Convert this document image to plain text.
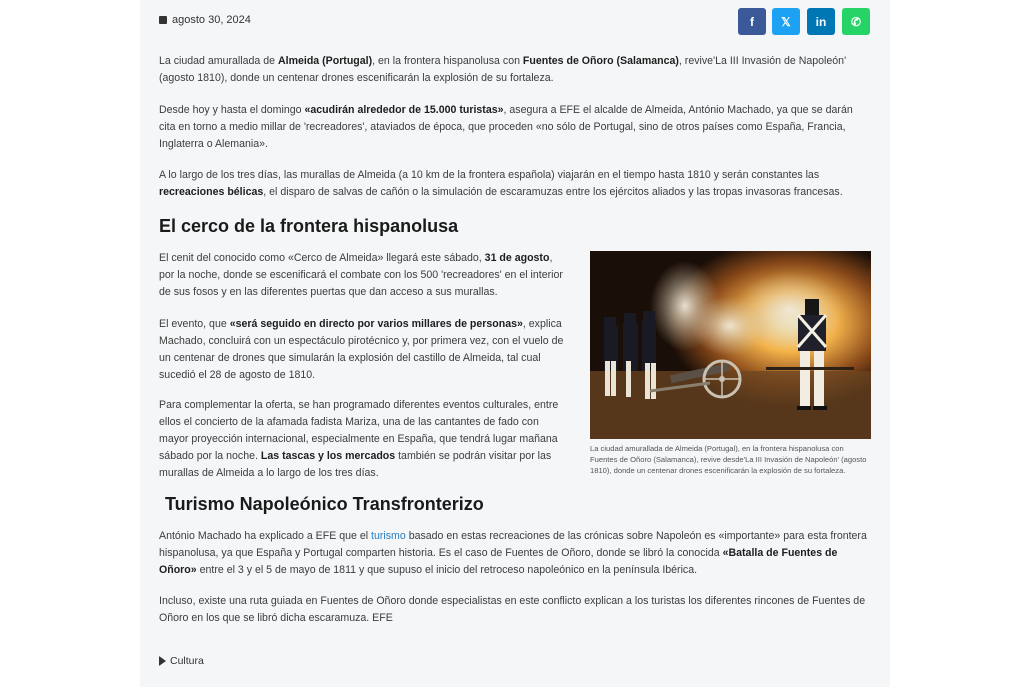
agosto 30, 2024	f 𝕏 in ✆

La ciudad amurallada de Almeida (Portugal), en la frontera hispanolusa con Fuentes de Oñoro (Salamanca), revive'La III Invasión de Napoleón' (agosto 1810), donde un centenar drones escenificarán la explosión de su fortaleza.

Desde hoy y hasta el domingo «acudirán alrededor de 15.000 turistas», asegura a EFE el alcalde de Almeida, António Machado, ya que se darán cita en torno a medio millar de 'recreadores', ataviados de época, que proceden «no sólo de Portugal, sino de otros países como España, Francia, Inglaterra o Alemania».

A lo largo de los tres días, las murallas de Almeida (a 10 km de la frontera española) viajarán en el tiempo hasta 1810 y serán constantes las recreaciones bélicas, el disparo de salvas de cañón o la simulación de escaramuzas entre los ejércitos aliados y las tropas invasoras francesas.

El cerco de la frontera hispanolusa

El cenit del conocido como «Cerco de Almeida» llegará este sábado, 31 de agosto, por la noche, donde se escenificará el combate con los 500 'recreadores' en el interior de sus fosos y en las diferentes puertas que dan acceso a sus murallas.

El evento, que «será seguido en directo por varios millares de personas», explica Machado, concluirá con un espectáculo pirotécnico y, por primera vez, con el vuelo de un centenar de drones que simularán la explosión del castillo de Almeida, tal cual sucedió el 28 de agosto de 1810.

Para complementar la oferta, se han programado diferentes eventos culturales, entre ellos el concierto de la afamada fadista Mariza, una de las cantantes de fado con mayor proyección internacional, especialmente en España, que tendrá lugar mañana sábado por la noche. Las tascas y los mercados también se podrán visitar por las murallas de Almeida a lo largo de los tres días.

La ciudad amurallada de Almeida (Portugal), en la frontera hispanolusa con Fuentes de Oñoro (Salamanca), revive desde'La III Invasión de Napoleón' (agosto 1810), donde un centenar drones escenificarán la explosión de su fortaleza.

Turismo Napoleónico Transfronterizo

António Machado ha explicado a EFE que el turismo basado en estas recreaciones de las crónicas sobre Napoleón es «importante» para esta frontera hispanolusa, ya que España y Portugal comparten historia. Es el caso de Fuentes de Oñoro, donde se libró la conocida «Batalla de Fuentes de Oñoro» entre el 3 y el 5 de mayo de 1811 y que supuso el inicio del retroceso napoleónico en la península Ibérica.

Incluso, existe una ruta guiada en Fuentes de Oñoro donde especialistas en este conflicto explican a los turistas los diferentes rincones de Fuentes de Oñoro en los que se libró dicha escaramuza. EFE

Cultura
